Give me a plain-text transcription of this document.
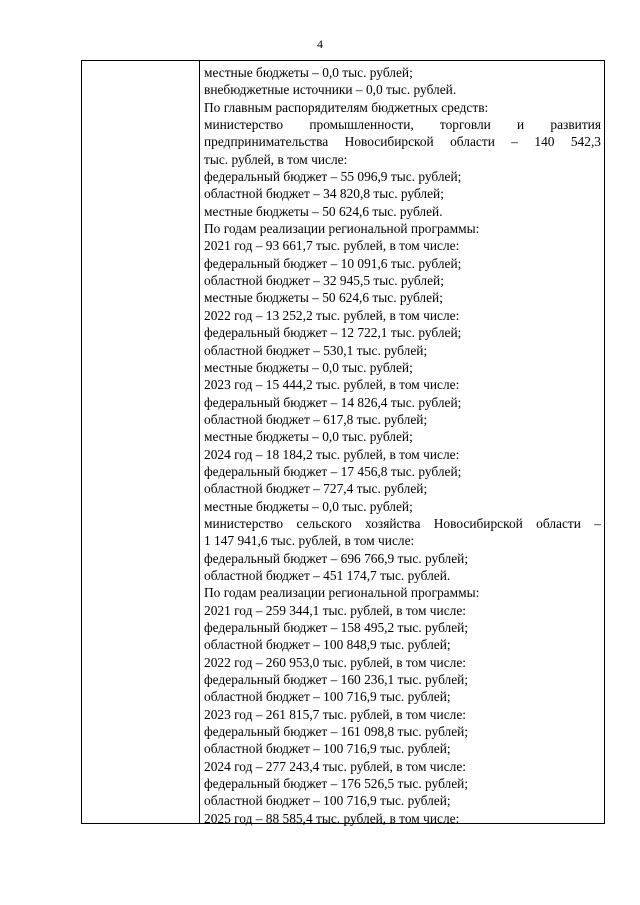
4
местные бюджеты – 0,0 тыс. рублей;
внебюджетные источники – 0,0 тыс. рублей.
По главным распорядителям бюджетных средств:
министерство промышленности, торговли и развития
предпринимательства Новосибирской области – 140 542,3
тыс. рублей, в том числе:
федеральный бюджет – 55 096,9 тыс. рублей;
областной бюджет – 34 820,8 тыс. рублей;
местные бюджеты – 50 624,6 тыс. рублей.
По годам реализации региональной программы:
2021 год – 93 661,7 тыс. рублей, в том числе:
федеральный бюджет – 10 091,6 тыс. рублей;
областной бюджет – 32 945,5 тыс. рублей;
местные бюджеты – 50 624,6 тыс. рублей;
2022 год – 13 252,2 тыс. рублей, в том числе:
федеральный бюджет – 12 722,1 тыс. рублей;
областной бюджет – 530,1 тыс. рублей;
местные бюджеты – 0,0 тыс. рублей;
2023 год – 15 444,2 тыс. рублей, в том числе:
федеральный бюджет – 14 826,4 тыс. рублей;
областной бюджет – 617,8 тыс. рублей;
местные бюджеты – 0,0 тыс. рублей;
2024 год – 18 184,2 тыс. рублей, в том числе:
федеральный бюджет – 17 456,8 тыс. рублей;
областной бюджет – 727,4 тыс. рублей;
местные бюджеты – 0,0 тыс. рублей;
министерство сельского хозяйства Новосибирской области –
1 147 941,6 тыс. рублей, в том числе:
федеральный бюджет – 696 766,9 тыс. рублей;
областной бюджет – 451 174,7 тыс. рублей.
По годам реализации региональной программы:
2021 год – 259 344,1 тыс. рублей, в том числе:
федеральный бюджет – 158 495,2 тыс. рублей;
областной бюджет – 100 848,9 тыс. рублей;
2022 год – 260 953,0 тыс. рублей, в том числе:
федеральный бюджет – 160 236,1 тыс. рублей;
областной бюджет – 100 716,9 тыс. рублей;
2023 год – 261 815,7 тыс. рублей, в том числе:
федеральный бюджет – 161 098,8 тыс. рублей;
областной бюджет – 100 716,9 тыс. рублей;
2024 год – 277 243,4 тыс. рублей, в том числе:
федеральный бюджет – 176 526,5 тыс. рублей;
областной бюджет – 100 716,9 тыс. рублей;
2025 год – 88 585,4 тыс. рублей, в том числе:
